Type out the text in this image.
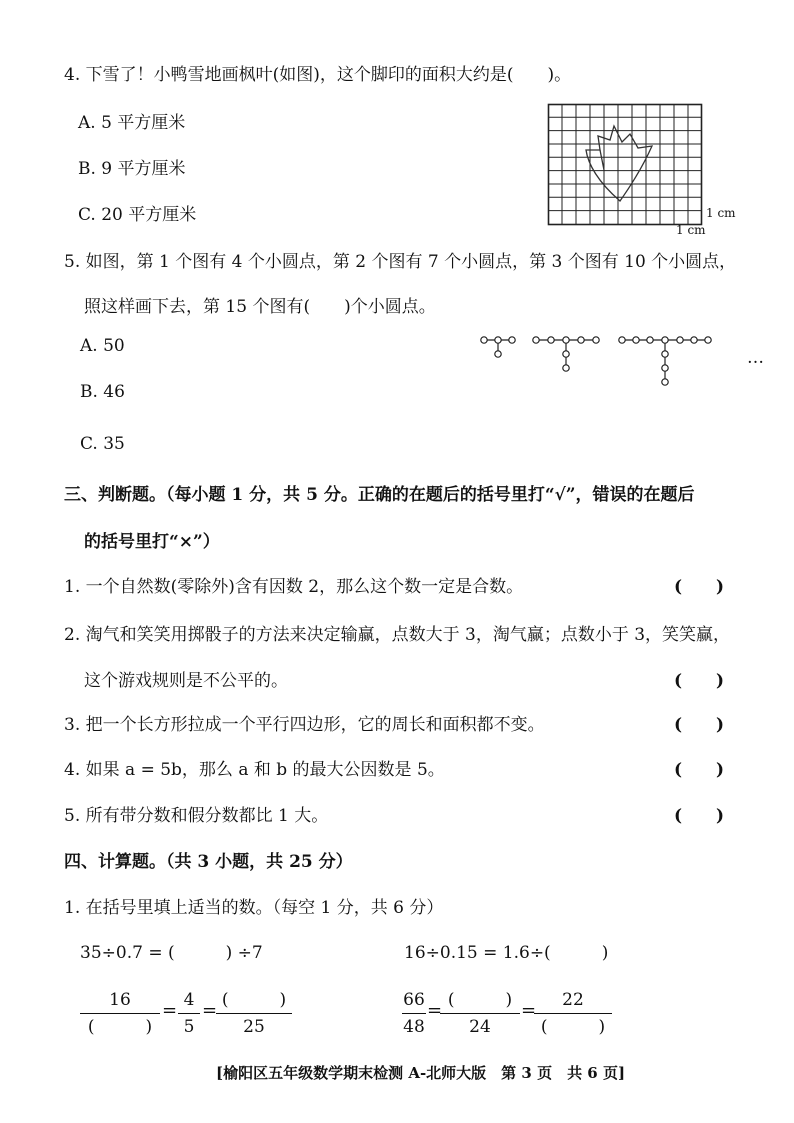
4. 下雪了！小鸭雪地画枫叶(如图)，这个脚印的面积大约是(　　)。
A. 5 平方厘米
B. 9 平方厘米
C. 20 平方厘米	1 cm
1 cm
5. 如图，第 1 个图有 4 个小圆点，第 2 个图有 7 个小圆点，第 3 个图有 10 个小圆点，
照这样画下去，第 15 个图有(　　)个小圆点。
A. 50
B. 46
C. 35
…
三、判断题。（每小题 1 分，共 5 分。正确的在题后的括号里打“√”，错误的在题后
的括号里打“×”）
1. 一个自然数(零除外)含有因数 2，那么这个数一定是合数。	(　　)
2. 淘气和笑笑用掷骰子的方法来决定输赢，点数大于 3，淘气赢；点数小于 3，笑笑赢，
这个游戏规则是不公平的。	(　　)
3. 把一个长方形拉成一个平行四边形，它的周长和面积都不变。	(　　)
4. 如果 a = 5b，那么 a 和 b 的最大公因数是 5。	(　　)
5. 所有带分数和假分数都比 1 大。	(　　)
四、计算题。（共 3 小题，共 25 分）
1. 在括号里填上适当的数。（每空 1 分，共 6 分）
35÷0.7 = (　　　) ÷7	16÷0.15 = 1.6÷(　　　)
16
(　　　)
= 4
5
= (　　　)
25
66
48
= (　　　)
24
=	22
(　　　)
[榆阳区五年级数学期末检测 A-北师大版　第 3 页　共 6 页]
